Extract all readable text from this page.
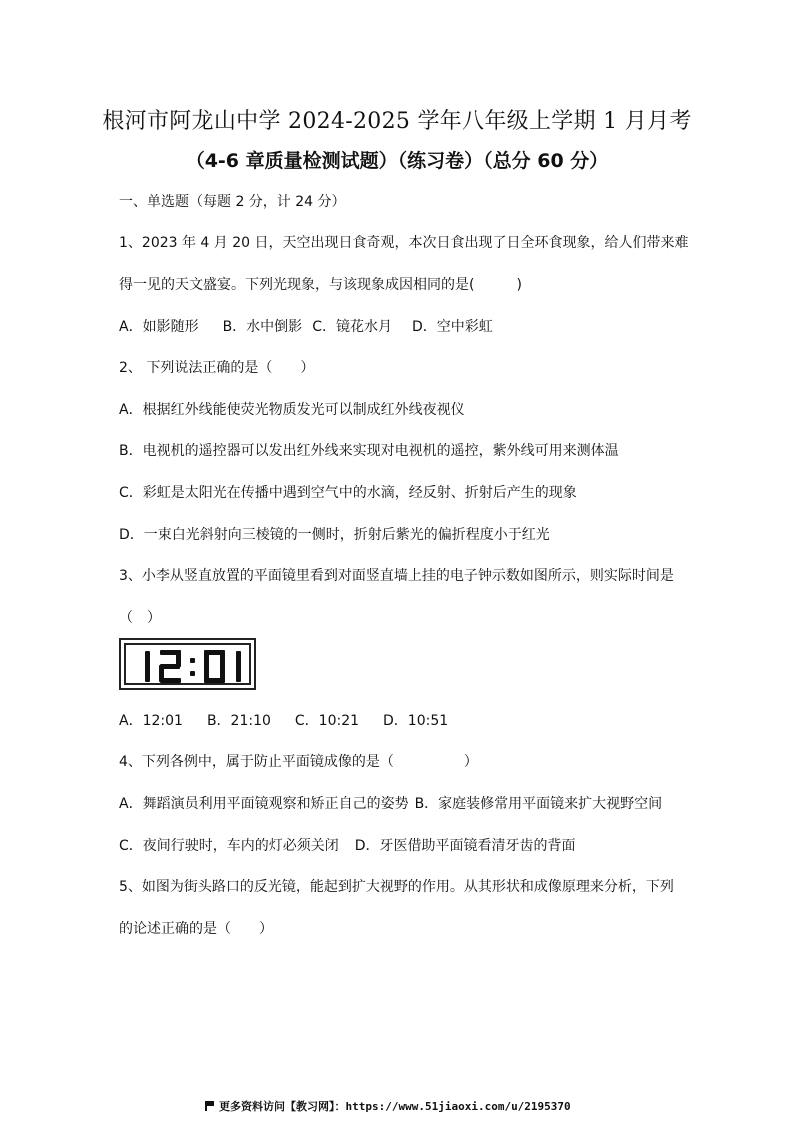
根河市阿龙山中学 2024-2025 学年八年级上学期 1 月月考
（4-6 章质量检测试题）（练习卷）（总分 60 分）
一、单选题（每题 2 分，计 24 分）
1、2023 年 4 月 20 日，天空出现日食奇观，本次日食出现了日全环食现象，给人们带来难
得一见的天文盛宴。下列光现象，与该现象成因相同的是(　　　)
A．如影随形 B．水中倒影 C．镜花水月 D．空中彩虹
2、 下列说法正确的是（　　）
A．根据红外线能使荧光物质发光可以制成红外线夜视仪
B．电视机的遥控器可以发出红外线来实现对电视机的遥控，紫外线可用来测体温
C．彩虹是太阳光在传播中遇到空气中的水滴，经反射、折射后产生的现象
D．一束白光斜射向三棱镜的一侧时，折射后紫光的偏折程度小于红光
3、小李从竖直放置的平面镜里看到对面竖直墙上挂的电子钟示数如图所示，则实际时间是
（　）
A．12:01 B．21:10 C．10:21 D．10:51
4、下列各例中，属于防止平面镜成像的是（　　　　　）
A．舞蹈演员利用平面镜观察和矫正自己的姿势 B．家庭装修常用平面镜来扩大视野空间
C．夜间行驶时，车内的灯必须关闭 D．牙医借助平面镜看清牙齿的背面
5、如图为街头路口的反光镜，能起到扩大视野的作用。从其形状和成像原理来分析，下列
的论述正确的是（　　）
更多资料访问【教习网】：https://www.51jiaoxi.com/u/2195370
